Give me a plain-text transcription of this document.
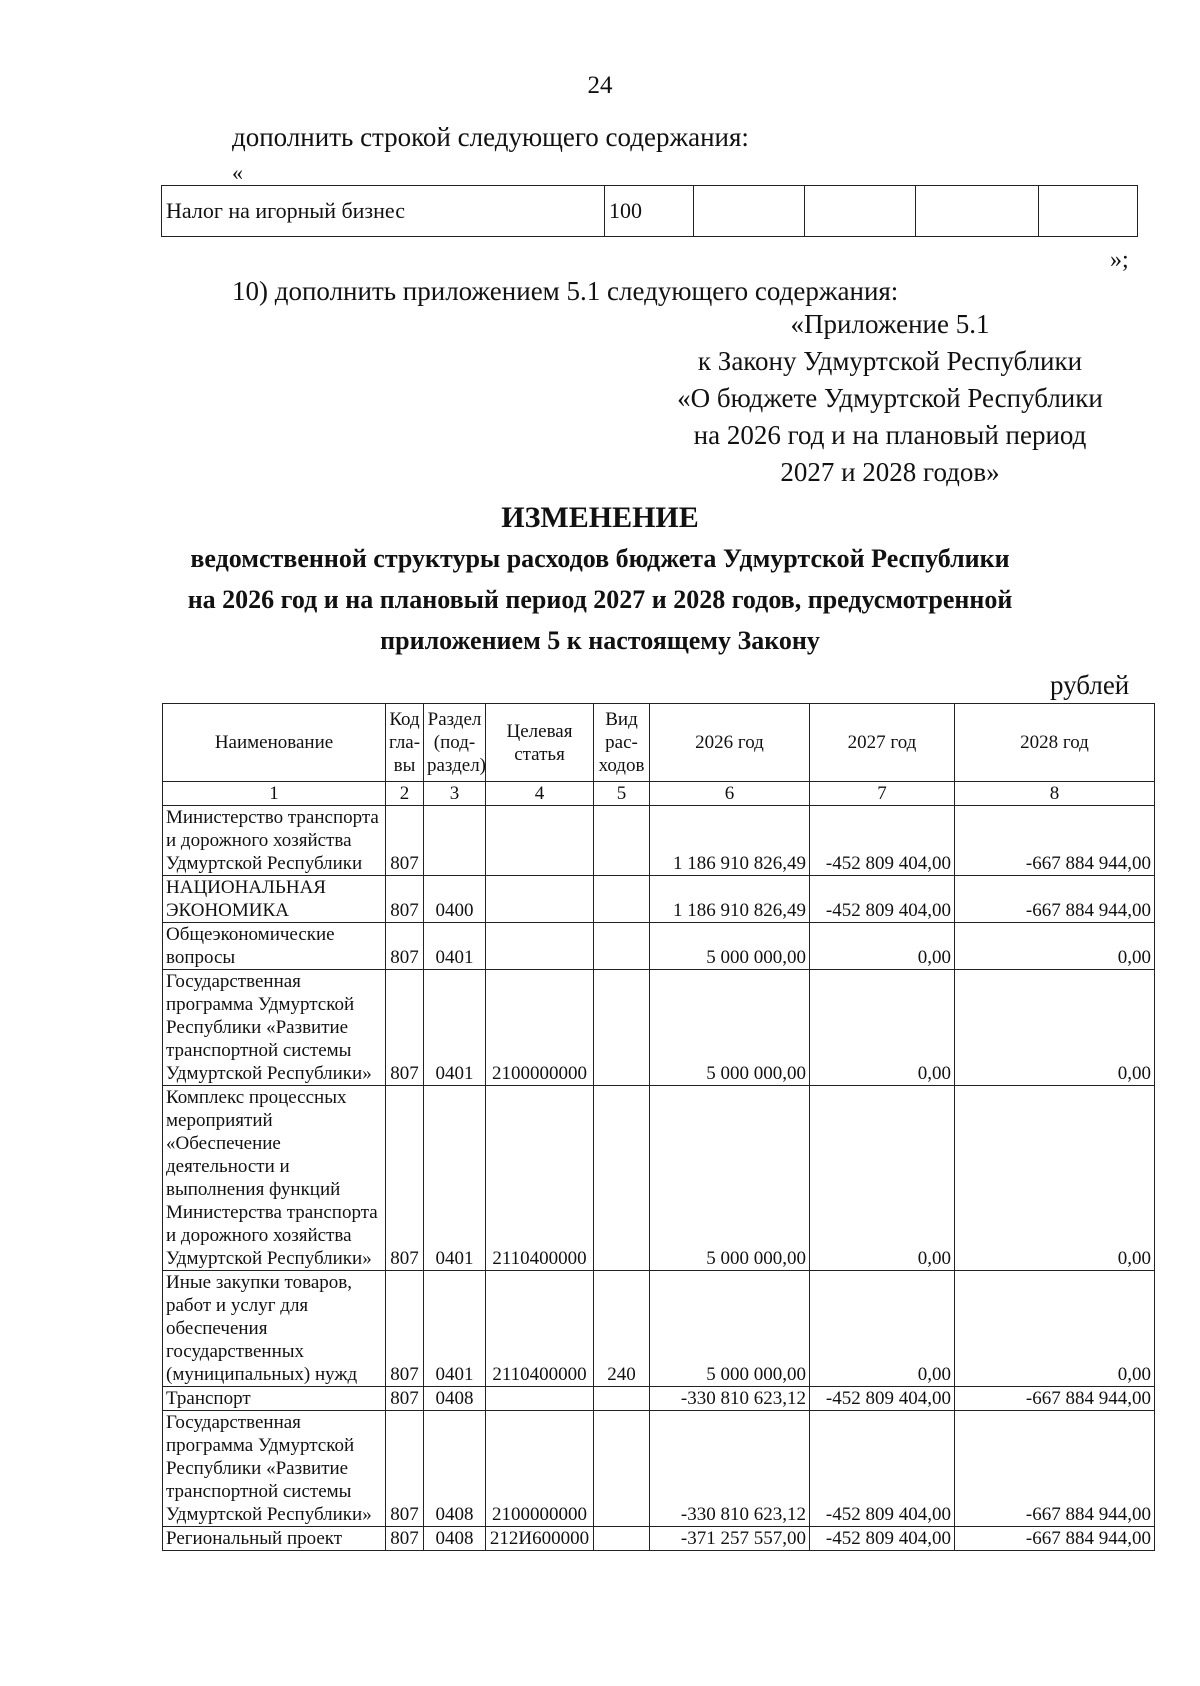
24
дополнить строкой следующего содержания:
«
Налог на игорный бизнес	100				
»;
10) дополнить приложением 5.1 следующего содержания:
«Приложение 5.1
к Закону Удмуртской Республики
«О бюджете Удмуртской Республики
на 2026 год и на плановый период
2027 и 2028 годов»
ИЗМЕНЕНИЕ
ведомственной структуры расходов бюджета Удмуртской Республики
на 2026 год и на плановый период 2027 и 2028 годов, предусмотренной
приложением 5 к настоящему Закону
рублей
Наименование	Код гла-вы	Раздел (под-раздел)	Целевая статья	Вид рас-ходов	2026 год	2027 год	2028 год
1	2	3	4	5	6	7	8
Министерство транспорта и дорожного хозяйства Удмуртской Республики	807				1 186 910 826,49	-452 809 404,00	-667 884 944,00
НАЦИОНАЛЬНАЯ ЭКОНОМИКА	807	0400			1 186 910 826,49	-452 809 404,00	-667 884 944,00
Общеэкономические вопросы	807	0401			5 000 000,00	0,00	0,00
Государственная программа Удмуртской Республики «Развитие транспортной системы Удмуртской Республики»	807	0401	2100000000		5 000 000,00	0,00	0,00
Комплекс процессных мероприятий «Обеспечение деятельности и выполнения функций Министерства транспорта и дорожного хозяйства Удмуртской Республики»	807	0401	2110400000		5 000 000,00	0,00	0,00
Иные закупки товаров, работ и услуг для обеспечения государственных (муниципальных) нужд	807	0401	2110400000	240	5 000 000,00	0,00	0,00
Транспорт	807	0408			-330 810 623,12	-452 809 404,00	-667 884 944,00
Государственная программа Удмуртской Республики «Развитие транспортной системы Удмуртской Республики»	807	0408	2100000000		-330 810 623,12	-452 809 404,00	-667 884 944,00
Региональный проект	807	0408	212И600000		-371 257 557,00	-452 809 404,00	-667 884 944,00
